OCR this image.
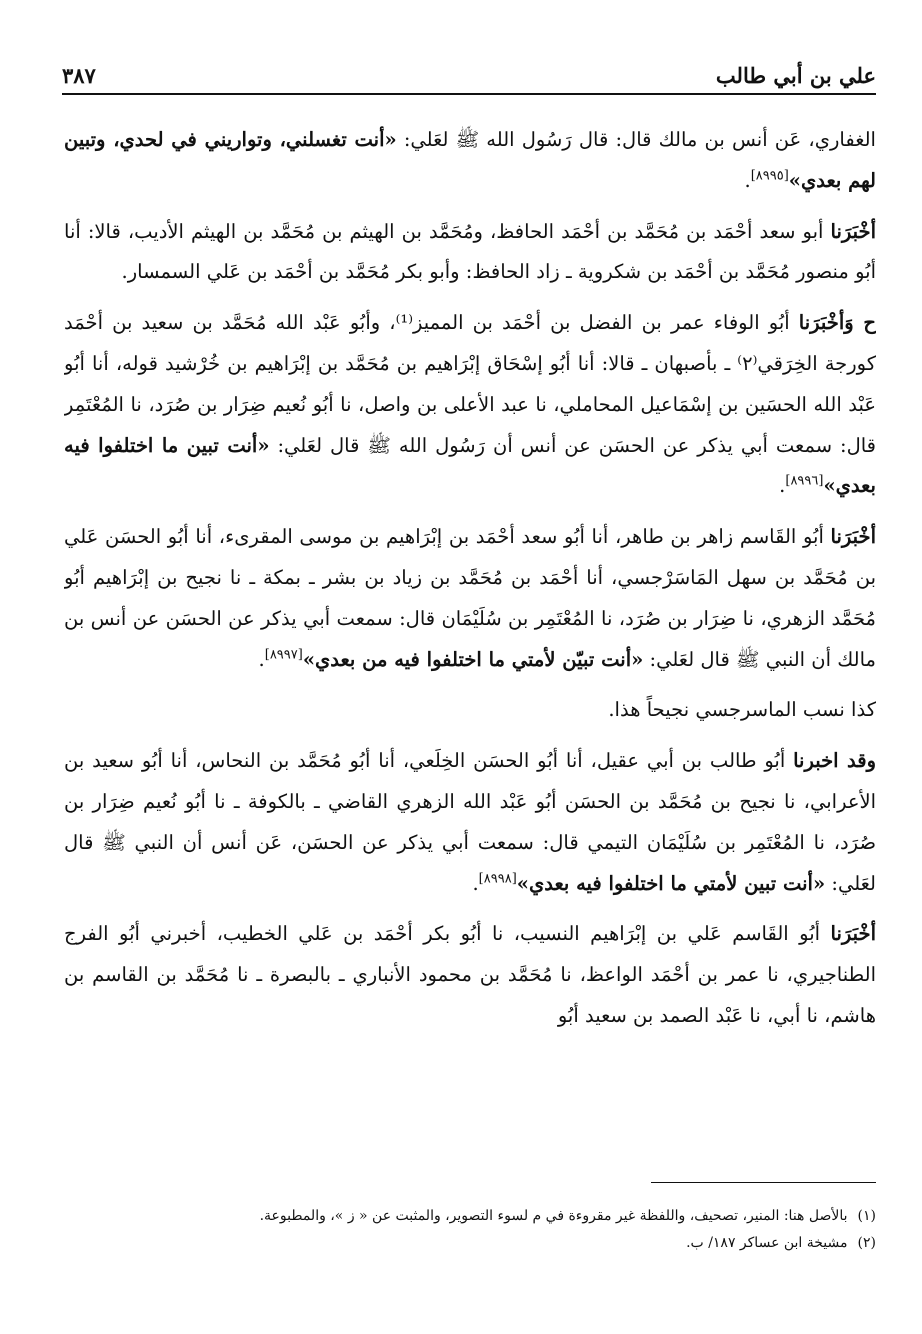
٣٨٧	علي بن أبي طالب

الغفاري، عَن أنس بن مالك قال: قال رَسُول الله ﷺ لعَلي: «أنت تغسلني، وتواريني في لحدي، وتبين لهم بعدي»[٨٩٩٥].

أخْبَرَنا أبو سعد أحْمَد بن مُحَمَّد بن أحْمَد الحافظ، ومُحَمَّد بن الهيثم بن مُحَمَّد بن الهيثم الأديب، قالا: أنا أبُو منصور مُحَمَّد بن أحْمَد بن شكروية ـ زاد الحافظ: وأبو بكر مُحَمَّد بن أحْمَد بن عَلي السمسار.

ح وَأخْبَرَنا أبُو الوفاء عمر بن الفضل بن أحْمَد بن المميز⁽¹⁾، وأبُو عَبْد الله مُحَمَّد بن سعيد بن أحْمَد كورجة الخِرَقي⁽٢⁾ ـ بأصبهان ـ قالا: أنا أبُو إسْحَاق إبْرَاهيم بن مُحَمَّد بن إبْرَاهيم بن خُرْشيد قوله، أنا أبُو عَبْد الله الحسَين بن إسْمَاعيل المحاملي، نا عبد الأعلى بن واصل، نا أبُو نُعيم ضِرَار بن صُرَد، نا المُعْتَمِر قال: سمعت أبي يذكر عن الحسَن عن أنس أن رَسُول الله ﷺ قال لعَلي: «أنت تبين ما اختلفوا فيه بعدي»[٨٩٩٦].

أخْبَرَنا أبُو القَاسم زاهر بن طاهر، أنا أبُو سعد أحْمَد بن إبْرَاهيم بن موسى المقرىء، أنا أبُو الحسَن عَلي بن مُحَمَّد بن سهل المَاسَرْجسي، أنا أحْمَد بن مُحَمَّد بن زياد بن بشر ـ بمكة ـ نا نجيح بن إبْرَاهيم أبُو مُحَمَّد الزهري، نا ضِرَار بن صُرَد، نا المُعْتَمِر بن سُلَيْمَان قال: سمعت أبي يذكر عن الحسَن عن أنس بن مالك أن النبي ﷺ قال لعَلي: «أنت تبيّن لأمتي ما اختلفوا فيه من بعدي»[٨٩٩٧].

كذا نسب الماسرجسي نجيحاً هذا.

وقد اخبرنا أبُو طالب بن أبي عقيل، أنا أبُو الحسَن الخِلَعي، أنا أبُو مُحَمَّد بن النحاس، أنا أبُو سعيد بن الأعرابي، نا نجيح بن مُحَمَّد بن الحسَن أبُو عَبْد الله الزهري القاضي ـ بالكوفة ـ نا أبُو نُعيم ضِرَار بن صُرَد، نا المُعْتَمِر بن سُلَيْمَان التيمي قال: سمعت أبي يذكر عن الحسَن، عَن أنس أن النبي ﷺ قال لعَلي: «أنت تبين لأمتي ما اختلفوا فيه بعدي»[٨٩٩٨].

أخْبَرَنا أبُو القَاسم عَلي بن إبْرَاهيم النسيب، نا أبُو بكر أحْمَد بن عَلي الخطيب، أخبرني أبُو الفرج الطناجيري، نا عمر بن أحْمَد الواعظ، نا مُحَمَّد بن محمود الأنباري ـ بالبصرة ـ نا مُحَمَّد بن القاسم بن هاشم، نا أبي، نا عَبْد الصمد بن سعيد أبُو

(١)بالأصل هنا: المنير، تصحيف، واللفظة غير مقروءة في م لسوء التصوير، والمثبت عن « ز »، والمطبوعة.

(٢)مشيخة ابن عساكر ١٨٧/ ب.
